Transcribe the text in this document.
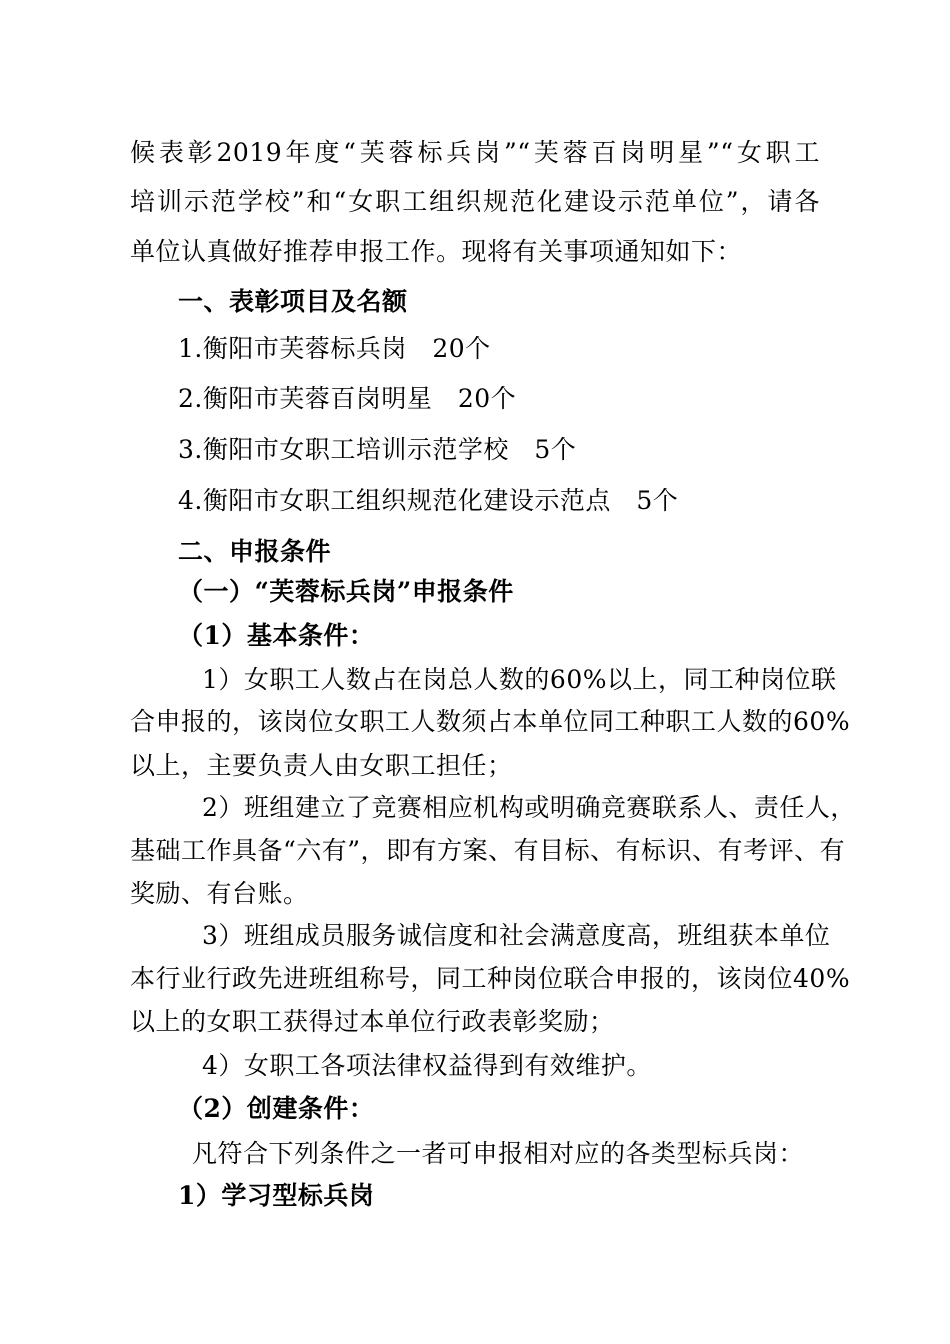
候表彰2019年度“芙蓉标兵岗”“芙蓉百岗明星”“女职工
培训示范学校”和“女职工组织规范化建设示范单位”，请各
单位认真做好推荐申报工作。现将有关事项通知如下：
一、表彰项目及名额
1.衡阳市芙蓉标兵岗　20个
2.衡阳市芙蓉百岗明星　20个
3.衡阳市女职工培训示范学校　5个
4.衡阳市女职工组织规范化建设示范点　5个
二、申报条件
（一）“芙蓉标兵岗”申报条件
（1）基本条件：
1）女职工人数占在岗总人数的60%以上，同工种岗位联
合申报的，该岗位女职工人数须占本单位同工种职工人数的60%
以上，主要负责人由女职工担任；
2）班组建立了竞赛相应机构或明确竞赛联系人、责任人，
基础工作具备“六有”，即有方案、有目标、有标识、有考评、有
奖励、有台账。
3）班组成员服务诚信度和社会满意度高，班组获本单位
本行业行政先进班组称号，同工种岗位联合申报的，该岗位40%
以上的女职工获得过本单位行政表彰奖励；
4）女职工各项法律权益得到有效维护。
（2）创建条件：
凡符合下列条件之一者可申报相对应的各类型标兵岗：
1）学习型标兵岗
